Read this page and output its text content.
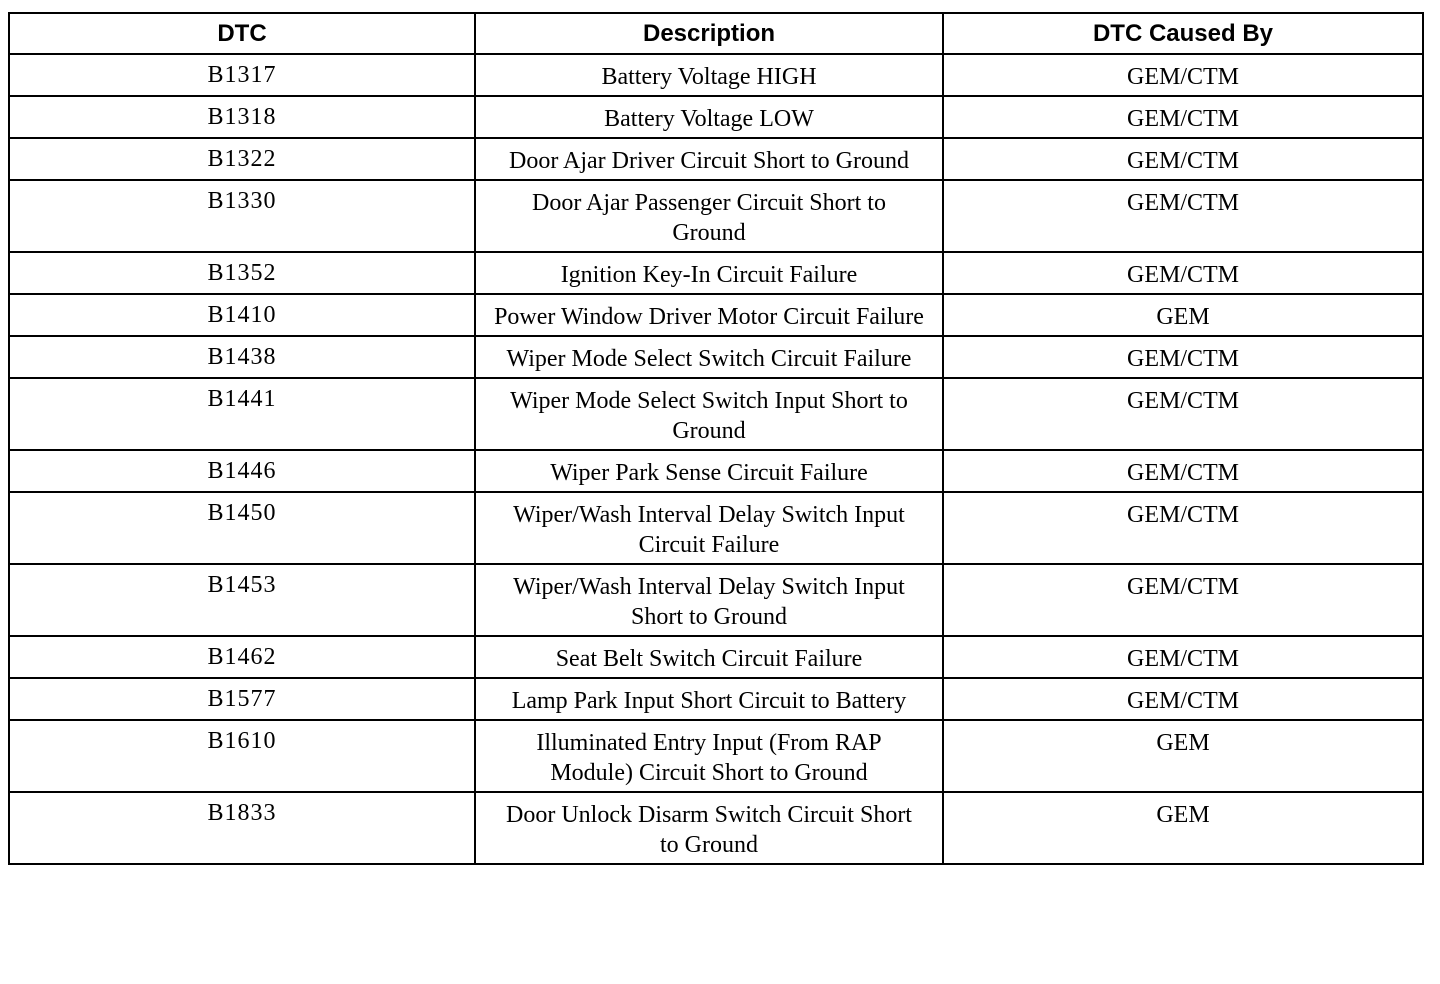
DTC	Description	DTC Caused By

B1317	Battery Voltage HIGH	GEM/CTM

B1318	Battery Voltage LOW	GEM/CTM

B1322	Door Ajar Driver Circuit Short to Ground	GEM/CTM

B1330	Door Ajar Passenger Circuit Short to Ground	GEM/CTM

B1352	Ignition Key-In Circuit Failure	GEM/CTM

B1410	Power Window Driver Motor Circuit Failure	GEM

B1438	Wiper Mode Select Switch Circuit Failure	GEM/CTM

B1441	Wiper Mode Select Switch Input Short to Ground	GEM/CTM

B1446	Wiper Park Sense Circuit Failure	GEM/CTM

B1450	Wiper/Wash Interval Delay Switch Input Circuit Failure	GEM/CTM

B1453	Wiper/Wash Interval Delay Switch Input Short to Ground	GEM/CTM

B1462	Seat Belt Switch Circuit Failure	GEM/CTM

B1577	Lamp Park Input Short Circuit to Battery	GEM/CTM

B1610	Illuminated Entry Input (From RAP Module) Circuit Short to Ground	GEM

B1833	Door Unlock Disarm Switch Circuit Short to Ground	GEM
